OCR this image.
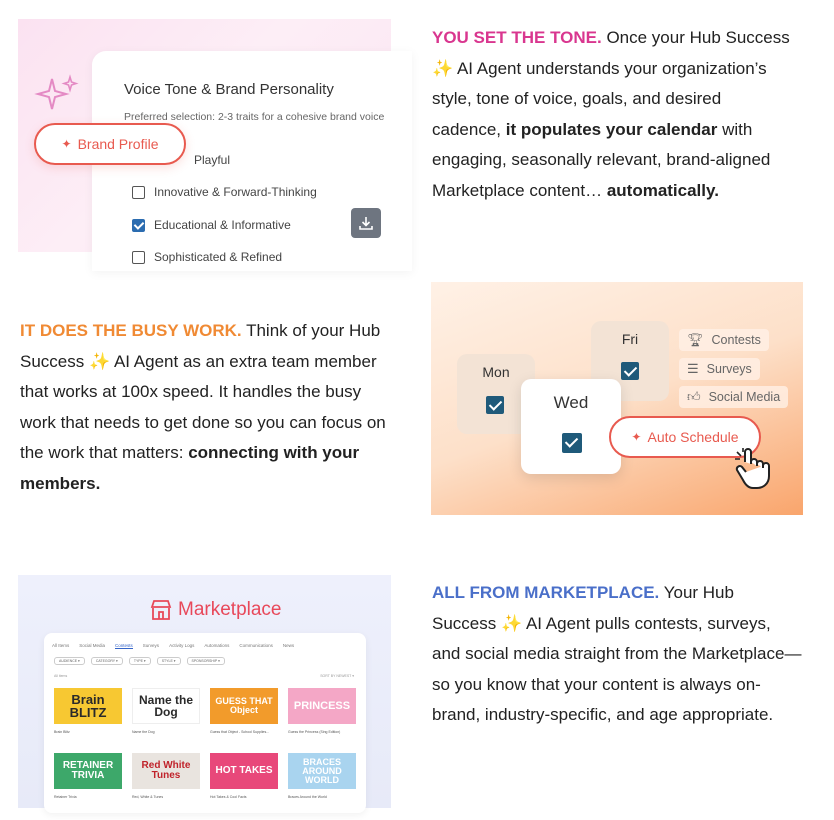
Voice Tone & Brand Personality
Preferred selection: 2-3 traits for a cohesive brand voice
Playful
Innovative & Forward-Thinking
Educational & Informative
Sophisticated & Refined
✦ Brand Profile
YOU SET THE TONE. Once your Hub Success ✨ AI Agent understands your organization’s style, tone of voice, goals, and desired cadence, it populates your calendar with engaging, seasonally relevant, brand-aligned Marketplace content… automatically.
IT DOES THE BUSY WORK. Think of your Hub Success ✨ AI Agent as an extra team member that works at 100x speed. It handles the busy work that needs to get done so you can focus on the work that matters: connecting with your members.
Mon
Fri
Wed
🏆︎ Contests
☰ Surveys
👍︎ Social Media
✦ Auto Schedule
Marketplace
All Items Social Media Contests Surveys Activity Logs Automations Communications News
AUDIENCE ▾	CATEGORY ▾	TYPE ▾	STYLE ▾	SPONSORSHIP ▾
All items	SORT BY NEWEST ▾
Brain BLITZ
Brain Blitz
Name the Dog
Name the Dog
GUESS THAT Object
Guess that Object - School Supplies...
PRINCESS
Guess the Princess (Sing Edition)
RETAINER TRIVIA
Retainer Trivia
Red White Tunes
Red, White & Tunes
HOT TAKES
Hot Takes & Cool Facts
BRACES AROUND WORLD
Braces Around the World
ALL FROM MARKETPLACE. Your Hub Success ✨ AI Agent pulls contests, surveys, and social media straight from the Marketplace—so you know that your content is always on-brand, industry-specific, and age appropriate.
